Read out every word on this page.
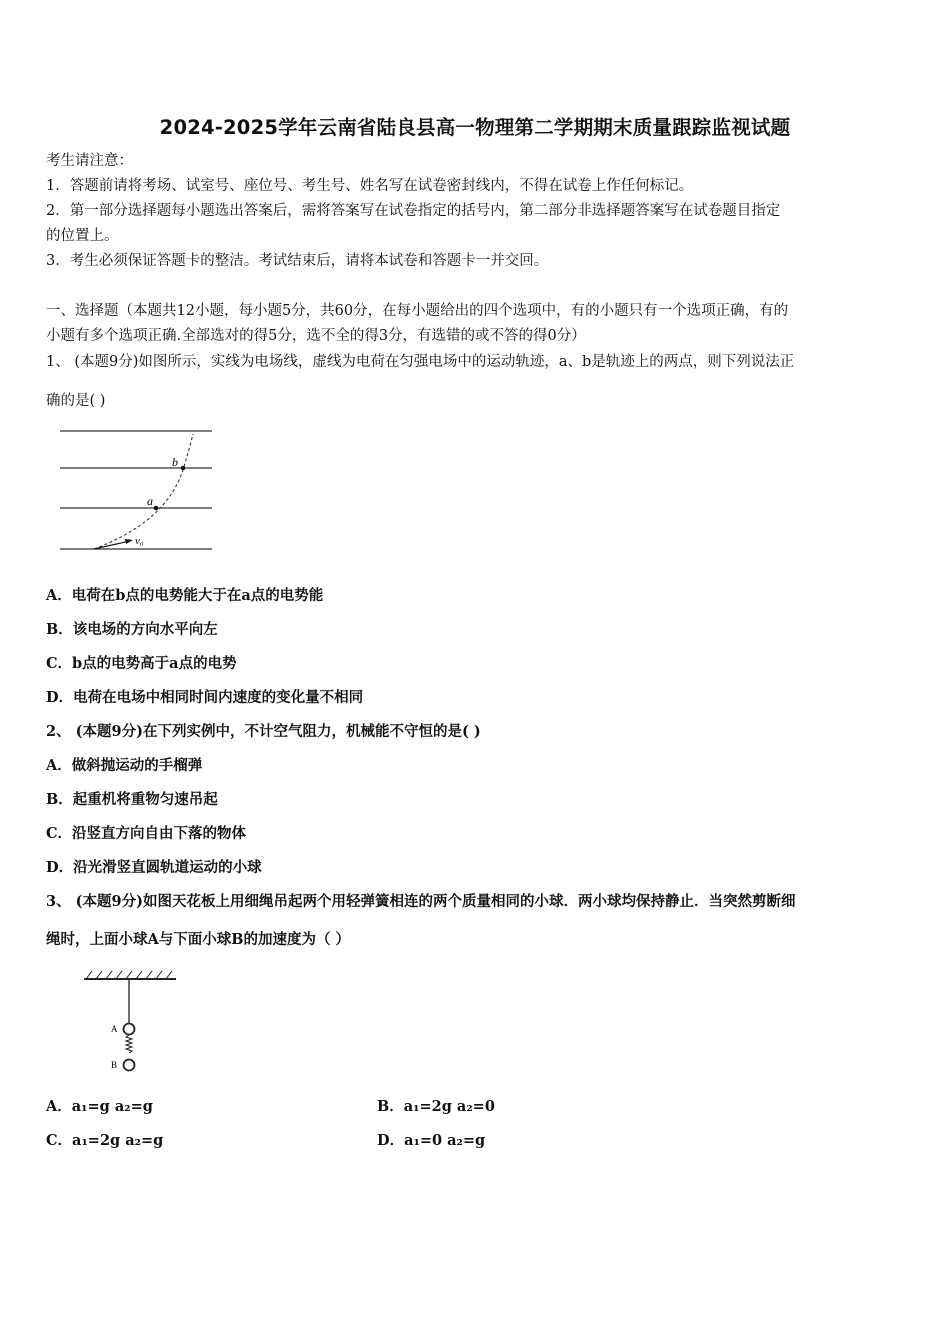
2024-2025学年云南省陆良县高一物理第二学期期末质量跟踪监视试题
考生请注意：
1．答题前请将考场、试室号、座位号、考生号、姓名写在试卷密封线内，不得在试卷上作任何标记。
2．第一部分选择题每小题选出答案后，需将答案写在试卷指定的括号内，第二部分非选择题答案写在试卷题目指定
的位置上。
3．考生必须保证答题卡的整洁。考试结束后，请将本试卷和答题卡一并交回。
一、选择题（本题共12小题，每小题5分，共60分，在每小题给出的四个选项中，有的小题只有一个选项正确，有的
小题有多个选项正确.全部选对的得5分，选不全的得3分，有选错的或不答的得0分）
1、 (本题9分)如图所示，实线为电场线，虚线为电荷在匀强电场中的运动轨迹，a、b是轨迹上的两点，则下列说法正
确的是( )
b
a
v₀
A．电荷在b点的电势能大于在a点的电势能
B．该电场的方向水平向左
C．b点的电势高于a点的电势
D．电荷在电场中相同时间内速度的变化量不相同
2、 (本题9分)在下列实例中，不计空气阻力，机械能不守恒的是( )
A．做斜抛运动的手榴弹
B．起重机将重物匀速吊起
C．沿竖直方向自由下落的物体
D．沿光滑竖直圆轨道运动的小球
3、 (本题9分)如图天花板上用细绳吊起两个用轻弹簧相连的两个质量相同的小球．两小球均保持静止．当突然剪断细
绳时，上面小球A与下面小球B的加速度为（ ）
A
B
A．a₁=g a₂=g	B．a₁=2g a₂=0
C．a₁=2g a₂=g	D．a₁=0 a₂=g
